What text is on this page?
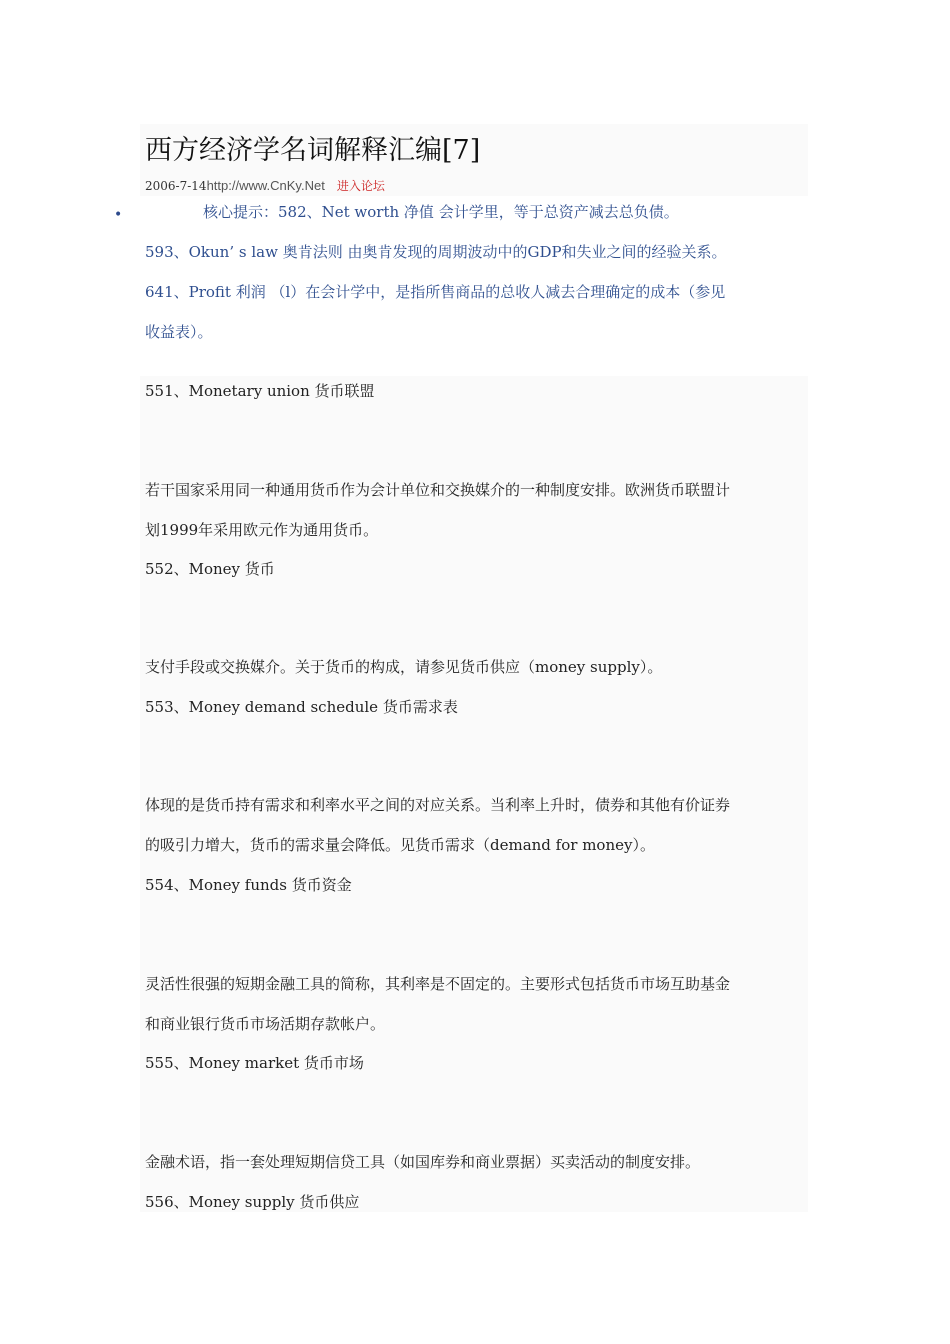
西方经济学名词解释汇编[7]
2006-7-14http://www.CnKy.Net 进入论坛
•	核心提示：582、Net worth 净值 会计学里，等于总资产减去总负债。
593、Okun’ s law 奥肯法则 由奥肯发现的周期波动中的GDP和失业之间的经验关系。
641、Profit 利润 （l）在会计学中，是指所售商品的总收人减去合理确定的成本（参见
收益表）。
551、Monetary union 货币联盟
若干国家采用同一种通用货币作为会计单位和交换媒介的一种制度安排。欧洲货币联盟计
划1999年采用欧元作为通用货币。
552、Money 货币
支付手段或交换媒介。关于货币的构成，请参见货币供应（money supply）。
553、Money demand schedule 货币需求表
体现的是货币持有需求和利率水平之间的对应关系。当利率上升时，债券和其他有价证券
的吸引力增大，货币的需求量会降低。见货币需求（demand for money）。
554、Money funds 货币资金
灵活性很强的短期金融工具的简称，其利率是不固定的。主要形式包括货币市场互助基金
和商业银行货币市场活期存款帐户。
555、Money market 货币市场
金融术语，指一套处理短期信贷工具（如国库券和商业票据）买卖活动的制度安排。
556、Money supply 货币供应
